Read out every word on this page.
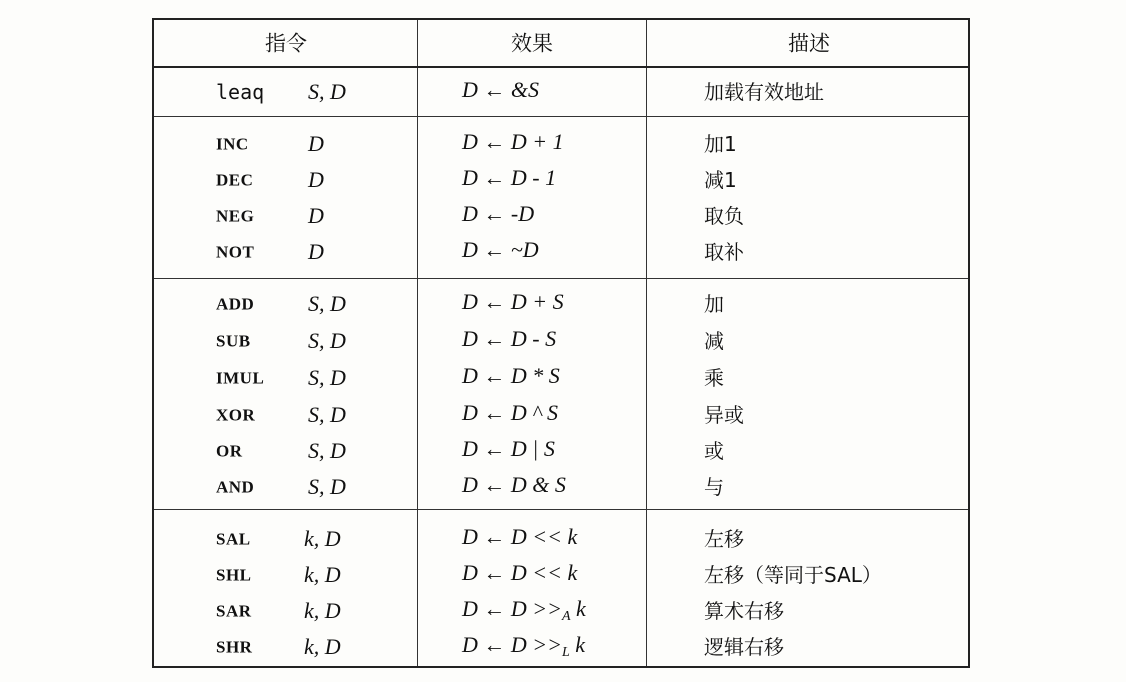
指令	效果	描述
leaq S, D	D ← &S	加载有效地址
INC	D	D ← D + 1	加1
DEC D	D ← D - 1	减1
NEG D	D ← -D	取负
NOT D	D ← ~D	取补
ADD S, D	D ← D + S	加
SUB	S, D	D ← D - S	减
IMUL S, D	D ← D * S	乘
XOR S, D	D ← D ^ S	异或
OR	S, D	D ← D | S	或
AND S, D	D ← D & S	与
SAL k, D	D ← D << k	左移
SHL k, D	D ← D << k	左移（等同于SAL）
SAR k, D	D ← $D >>_A$ k	算术右移
SHR k, D	D ← $D >>_L$ k	逻辑右移
